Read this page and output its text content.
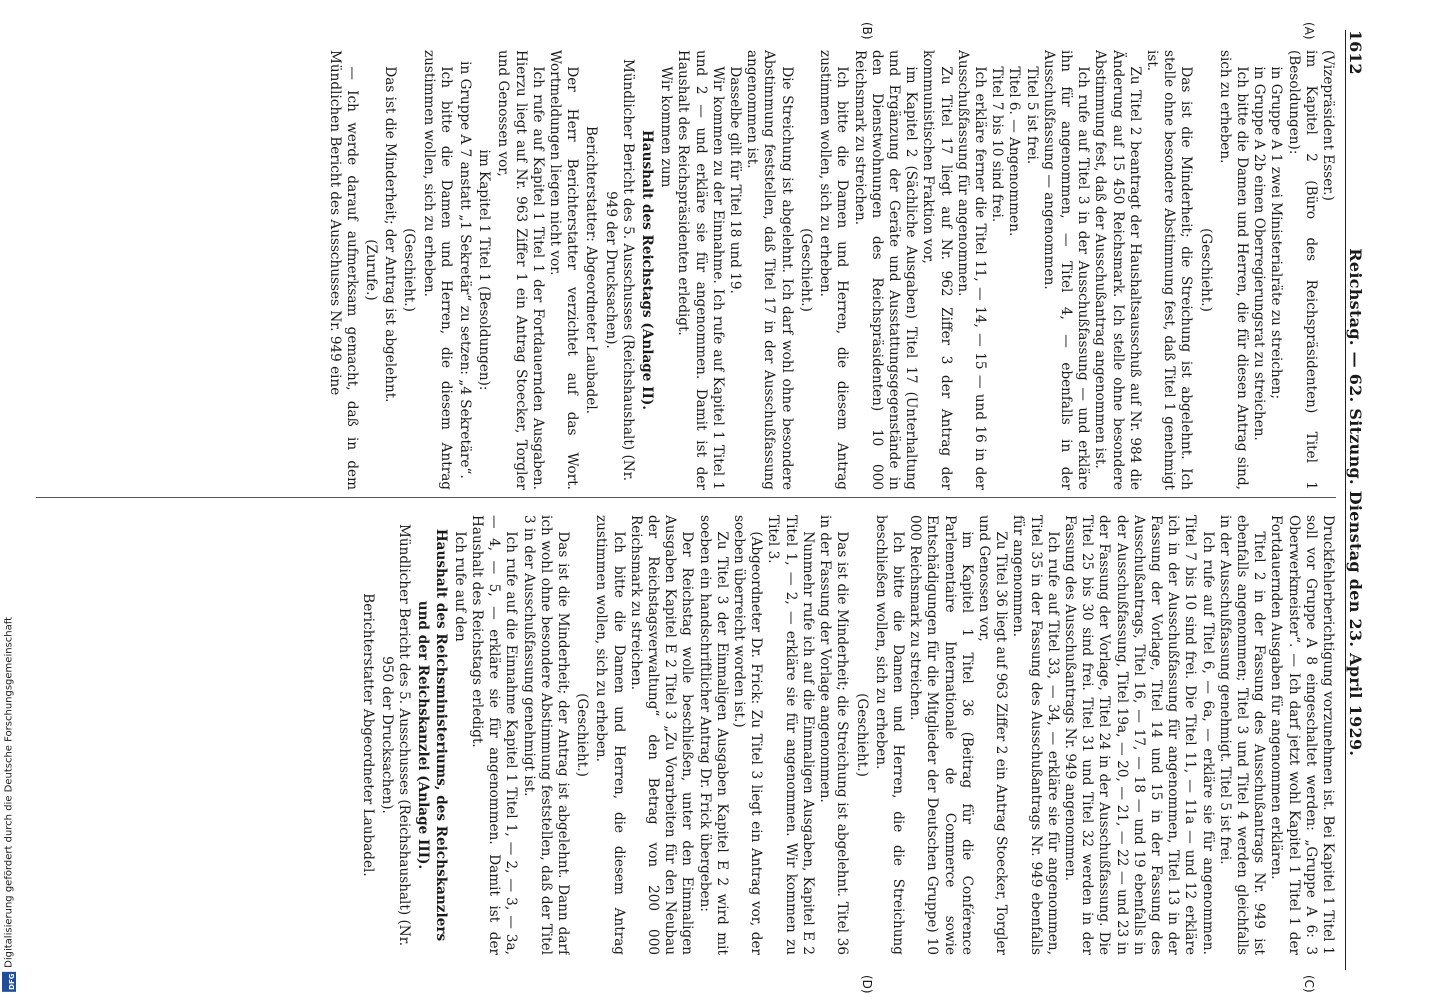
DFG
Digitalisierung gefördert durch die Deutsche Forschungsgemeinschaft
1612
Reichstag. — 62. Sitzung. Dienstag den 23. April 1929.
(A)
(B)
(C)
(D)

(Vizepräsident Esser.)

im Kapitel 2 (Büro des Reichspräsidenten) Titel 1 (Besoldungen):

in Gruppe A 1 zwei Ministerialräte zu streichen;

in Gruppe A 2b einen Oberregierungsrat zu streichen.

Ich bitte die Damen und Herren, die für diesen Antrag sind, sich zu erheben.

(Geschieht.)

Das ist die Minderheit; die Streichung ist abgelehnt. Ich stelle ohne besondere Abstimmung fest, daß Titel 1 genehmigt ist.

Zu Titel 2 beantragt der Haushaltsausschuß auf Nr. 984 die Änderung auf 15 450 Reichsmark. Ich stelle ohne besondere Abstimmung fest, daß der Ausschußantrag angenommen ist.

Ich rufe auf Titel 3 in der Ausschußfassung — und erkläre ihn für angenommen, — Titel 4, — ebenfalls in der Ausschußfassung — angenommen.

Titel 5 ist frei.

Titel 6. — Angenommen.

Titel 7 bis 10 sind frei.

Ich erkläre ferner die Titel 11, — 14, — 15 — und 16 in der Ausschußfassung für angenommen.

Zu Titel 17 liegt auf Nr. 962 Ziffer 3 der Antrag der kommunistischen Fraktion vor,

im Kapitel 2 (Sächliche Ausgaben) Titel 17 (Unterhaltung und Ergänzung der Geräte und Ausstattungsgegenstände in den Dienstwohnungen des Reichspräsidenten) 10 000 Reichsmark zu streichen.

Ich bitte die Damen und Herren, die diesem Antrag zustimmen wollen, sich zu erheben.

(Geschieht.)

Die Streichung ist abgelehnt. Ich darf wohl ohne besondere Abstimmung feststellen, daß Titel 17 in der Ausschußfassung angenommen ist.

Dasselbe gilt für Titel 18 und 19.

Wir kommen zu der Einnahme. Ich rufe auf Kapitel 1 Titel 1 und 2 — und erkläre sie für angenommen. Damit ist der Haushalt des Reichspräsidenten erledigt.

Wir kommen zum

Haushalt des Reichstags (Anlage II).

Mündlicher Bericht des 5. Ausschusses (Reichshaushalt) (Nr. 949 der Drucksachen).

Berichterstatter: Abgeordneter Laubadel.

Der Herr Berichterstatter verzichtet auf das Wort. Wortmeldungen liegen nicht vor.

Ich rufe auf Kapitel 1 Titel 1 der Fortdauernden Ausgaben. Hierzu liegt auf Nr. 963 Ziffer 1 ein Antrag Stoecker, Torgler und Genossen vor,

im Kapitel 1 Titel 1 (Besoldungen):

in Gruppe A 7 anstatt „1 Sekretär“ zu setzen: „4 Sekretäre“.

Ich bitte die Damen und Herren, die diesem Antrag zustimmen wollen, sich zu erheben.

(Geschieht.)

Das ist die Minderheit; der Antrag ist abgelehnt.

(Zurufe.)

— Ich werde darauf aufmerksam gemacht, daß in dem Mündlichen Bericht des Ausschusses Nr. 949 eine

Druckfehlerberichtigung vorzunehmen ist. Bei Kapitel 1 Titel 1 soll vor Gruppe A 8 eingeschaltet werden: „Gruppe A 6: 3 Oberwerkmeister“. — Ich darf jetzt wohl Kapitel 1 Titel 1 der Fortdauernden Ausgaben für angenommen erklären.

Titel 2 in der Fassung des Ausschußantrags Nr. 949 ist ebenfalls angenommen; Titel 3 und Titel 4 werden gleichfalls in der Ausschußfassung genehmigt. Titel 5 ist frei.

Ich rufe auf Titel 6, — 6a, — erkläre sie für angenommen. Titel 7 bis 10 sind frei. Die Titel 11, — 11a — und 12 erkläre ich in der Ausschußfassung für angenommen, Titel 13 in der Fassung der Vorlage, Titel 14 und 15 in der Fassung des Ausschußantrags, Titel 16, — 17, — 18 — und 19 ebenfalls in der Ausschußfassung, Titel 19a, — 20, — 21, — 22 — und 23 in der Fassung der Vorlage, Titel 24 in der Ausschußfassung. Die Titel 25 bis 30 sind frei. Titel 31 und Titel 32 werden in der Fassung des Ausschußantrags Nr. 949 angenommen.

Ich rufe auf Titel 33, — 34, — erkläre sie für angenommen, Titel 35 in der Fassung des Ausschußantrags Nr. 949 ebenfalls für angenommen.

Zu Titel 36 liegt auf 963 Ziffer 2 ein Antrag Stoecker, Torgler und Genossen vor,

im Kapitel 1 Titel 36 (Beitrag für die Conférence Parlementaire Internationale de Commerce sowie Entschädigungen für die Mitglieder der Deutschen Gruppe) 10 000 Reichsmark zu streichen.

Ich bitte die Damen und Herren, die die Streichung beschließen wollen, sich zu erheben.

(Geschieht.)

Das ist die Minderheit; die Streichung ist abgelehnt. Titel 36 in der Fassung der Vorlage angenommen.

Nunmehr rufe ich auf die Einmaligen Ausgaben, Kapitel E 2 Titel 1, — 2, — erkläre sie für angenommen. Wir kommen zu Titel 3.

(Abgeordneter Dr. Frick: Zu Titel 3 liegt ein Antrag vor, der soeben überreicht worden ist.)

Zu Titel 3 der Einmaligen Ausgaben Kapitel E 2 wird mit soeben ein handschriftlicher Antrag Dr. Frick übergeben:

Der Reichstag wolle beschließen, unter den Einmaligen Ausgaben Kapitel E 2 Titel 3 „Zu Vorarbeiten für den Neubau der Reichstagsverwaltung“ den Betrag von 200 000 Reichsmark zu streichen.

Ich bitte die Damen und Herren, die diesem Antrag zustimmen wollen, sich zu erheben.

(Geschieht.)

Das ist die Minderheit; der Antrag ist abgelehnt. Dann darf ich wohl ohne besondere Abstimmung feststellen, daß der Titel 3 in der Ausschußfassung genehmigt ist.

Ich rufe auf die Einnahme Kapitel 1 Titel 1, — 2, — 3, — 3a, — 4, — 5, — erkläre sie für angenommen. Damit ist der Haushalt des Reichstags erledigt.

Ich rufe auf den

Haushalt des Reichsministeriums, des Reichskanzlers und der Reichskanzlei (Anlage III).

Mündlicher Bericht des 5. Ausschusses (Reichshaushalt) (Nr. 950 der Drucksachen).

Berichterstatter Abgeordneter Laubadel.
